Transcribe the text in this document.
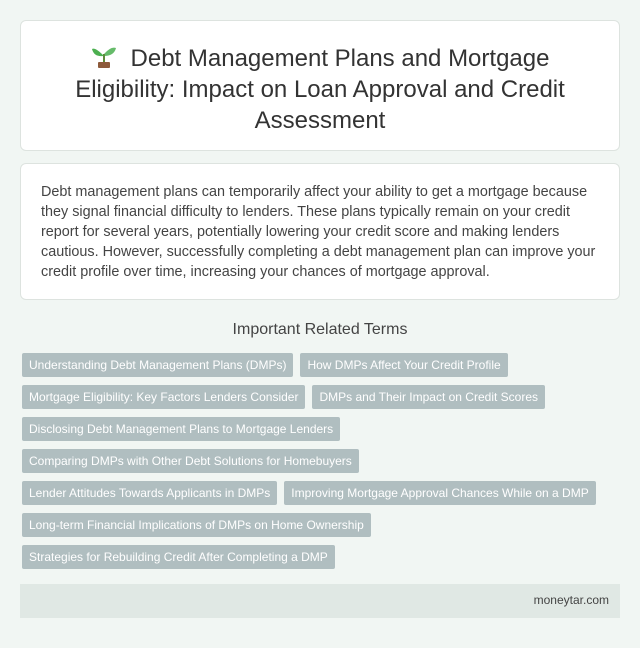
Debt Management Plans and Mortgage Eligibility: Impact on Loan Approval and Credit Assessment

Debt management plans can temporarily affect your ability to get a mortgage because they signal financial difficulty to lenders. These plans typically remain on your credit report for several years, potentially lowering your credit score and making lenders cautious. However, successfully completing a debt management plan can improve your credit profile over time, increasing your chances of mortgage approval.

Important Related Terms
Understanding Debt Management Plans (DMPs)	How DMPs Affect Your Credit Profile
Mortgage Eligibility: Key Factors Lenders Consider	DMPs and Their Impact on Credit Scores
Disclosing Debt Management Plans to Mortgage Lenders
Comparing DMPs with Other Debt Solutions for Homebuyers
Lender Attitudes Towards Applicants in DMPs	Improving Mortgage Approval Chances While on a DMP
Long-term Financial Implications of DMPs on Home Ownership
Strategies for Rebuilding Credit After Completing a DMP
moneytar.com
